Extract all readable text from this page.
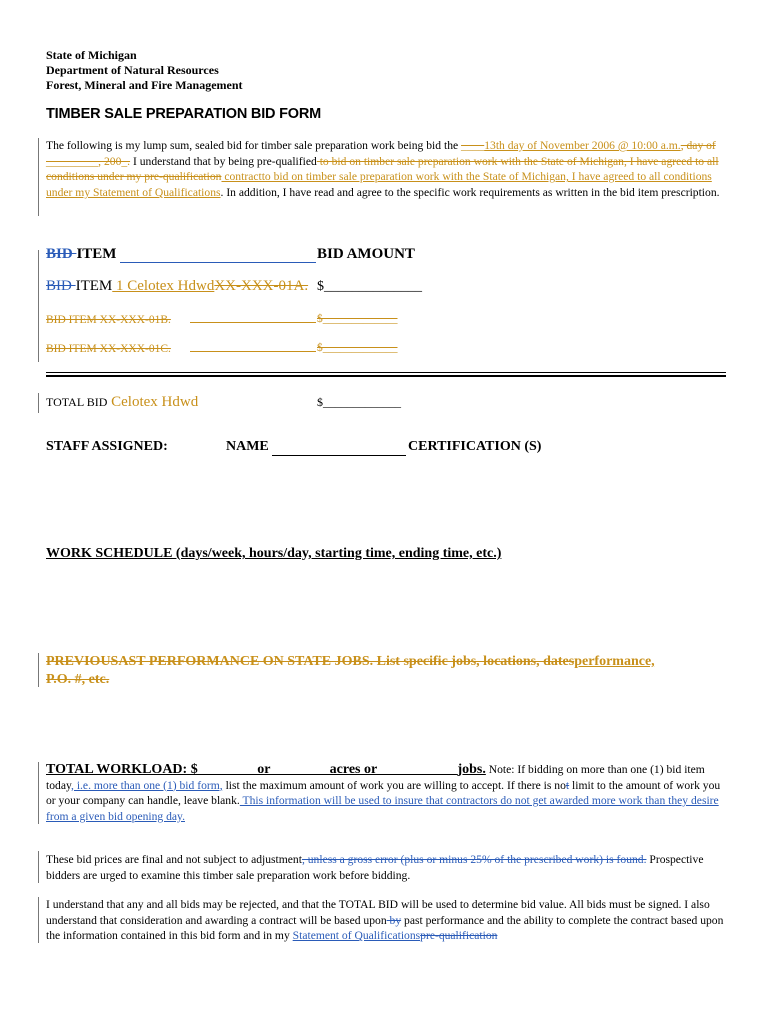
State of Michigan
Department of Natural Resources
Forest, Mineral and Fire Management
TIMBER SALE PREPARATION BID FORM
The following is my lump sum, sealed bid for timber sale preparation work being bid the ____13th day of November 2006 @ 10:00 a.m., day of _________, 200_. I understand that by being pre-qualified to bid on timber sale preparation work with the State of Michigan, I have agreed to all conditions under my pre-qualification contractto bid on timber sale preparation work with the State of Michigan, I have agreed to all conditions under my Statement of Qualifications. In addition, I have read and agree to the specific work requirements as written in the bid item prescription.
BID ITEM	BID AMOUNT
BID ITEM 1 Celotex HdwdXX-XXX-01A. $______________
BID ITEM XX-XXX-01B.	$_____________
BID ITEM XX-XXX-01C.	$_____________
TOTAL BID Celotex Hdwd	$_____________
STAFF ASSIGNED:	NAME	CERTIFICATION (S)
WORK SCHEDULE (days/week, hours/day, starting time, ending time, etc.)
PREVIOUSAST PERFORMANCE ON STATE JOBS. List specific jobs, locations, datesperformance,
P.O. #, etc.
TOTAL WORKLOAD: $________ or ________acres or ___________jobs. Note: If bidding on more than one (1) bid item today, i.e. more than one (1) bid form, list the maximum amount of work you are willing to accept. If there is not limit to the amount of work you or your company can handle, leave blank. This information will be used to insure that contractors do not get awarded more work than they desire from a given bid opening day.
These bid prices are final and not subject to adjustment, unless a gross error (plus or minus 25% of the prescribed work) is found. Prospective bidders are urged to examine this timber sale preparation work before bidding.
I understand that any and all bids may be rejected, and that the TOTAL BID will be used to determine bid value. All bids must be signed. I also understand that consideration and awarding a contract will be based upon by past performance and the ability to complete the contract based upon the information contained in this bid form and in my Statement of Qualificationspre-qualification
